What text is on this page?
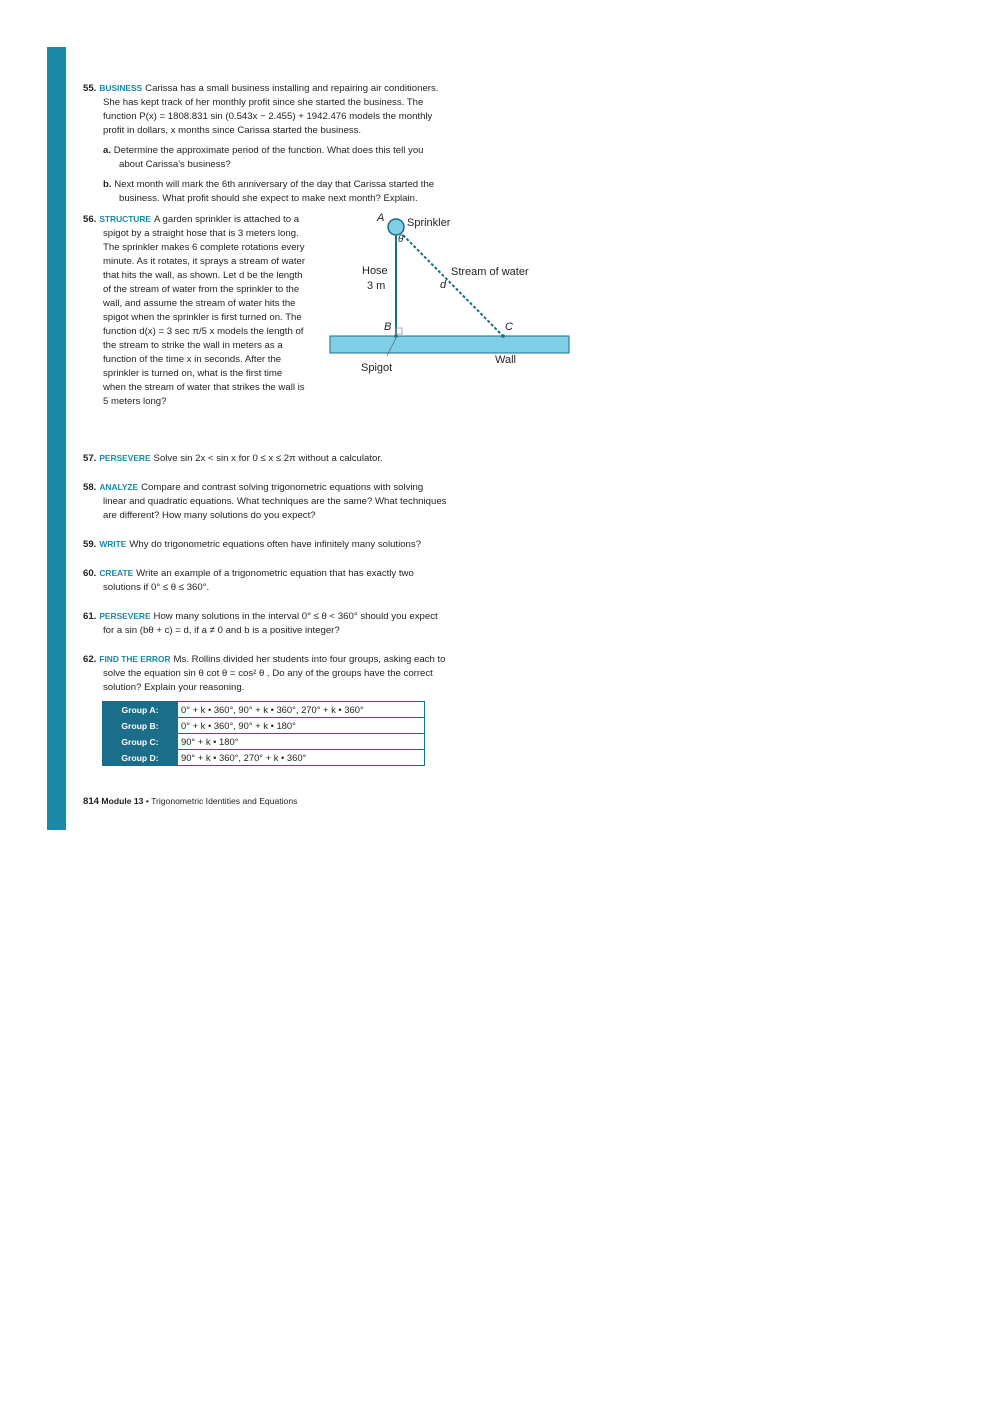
55. BUSINESS Carissa has a small business installing and repairing air conditioners.
She has kept track of her monthly profit since she started the business. The
function P(x) = 1808.831 sin (0.543x − 2.455) + 1942.476 models the monthly
profit in dollars, x months since Carissa started the business.
a. Determine the approximate period of the function. What does this tell you
about Carissa's business?
b. Next month will mark the 6th anniversary of the day that Carissa started the
business. What profit should she expect to make next month? Explain.
56. STRUCTURE A garden sprinkler is attached to a
spigot by a straight hose that is 3 meters long.
The sprinkler makes 6 complete rotations every
minute. As it rotates, it sprays a stream of water
that hits the wall, as shown. Let d be the length
of the stream of water from the sprinkler to the
wall, and assume the stream of water hits the
spigot when the sprinkler is first turned on. The
function d(x) = 3 sec π/5 x models the length of
the stream to strike the wall in meters as a
function of the time x in seconds. After the
sprinkler is turned on, what is the first time
when the stream of water that strikes the wall is
5 meters long?
A Sprinkler
θ
Hose
3 m
Stream of water
d
B	C
Wall
Spigot
57. PERSEVERE Solve sin 2x < sin x for 0 ≤ x ≤ 2π without a calculator.
58. ANALYZE Compare and contrast solving trigonometric equations with solving
linear and quadratic equations. What techniques are the same? What techniques
are different? How many solutions do you expect?
59. WRITE Why do trigonometric equations often have infinitely many solutions?
60. CREATE Write an example of a trigonometric equation that has exactly two
solutions if 0° ≤ θ ≤ 360°.
61. PERSEVERE How many solutions in the interval 0° ≤ θ < 360° should you expect
for a sin (bθ + c) = d, if a ≠ 0 and b is a positive integer?
62. FIND THE ERROR Ms. Rollins divided her students into four groups, asking each to
solve the equation sin θ cot θ = cos² θ . Do any of the groups have the correct
solution? Explain your reasoning.
Group A:	0° + k • 360°, 90° + k • 360°, 270° + k • 360°
Group B:	0° + k • 360°, 90° + k • 180°
Group C:	90° + k • 180°
Group D:	90° + k • 360°, 270° + k • 360°
814 Module 13 • Trigonometric Identities and Equations
